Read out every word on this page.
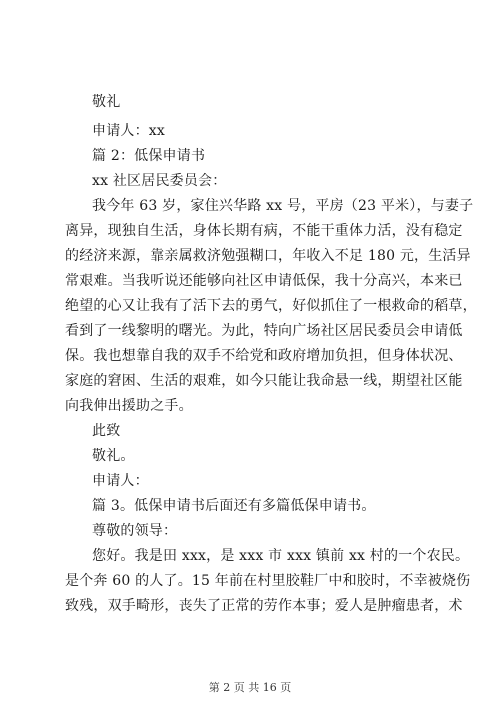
敬礼
申请人：xx
篇 2：低保申请书
xx 社区居民委员会：
我今年 63 岁，家住兴华路 xx 号，平房（23 平米），与妻子
离异，现独自生活，身体长期有病，不能干重体力活，没有稳定
的经济来源，靠亲属救济勉强糊口，年收入不足 180 元，生活异
常艰难。当我听说还能够向社区申请低保，我十分高兴，本来已
绝望的心又让我有了活下去的勇气，好似抓住了一根救命的稻草，
看到了一线黎明的曙光。为此，特向广场社区居民委员会申请低
保。我也想靠自我的双手不给党和政府增加负担，但身体状况、
家庭的窘困、生活的艰难，如今只能让我命悬一线，期望社区能
向我伸出援助之手。
此致
敬礼。
申请人：
篇 3。低保申请书后面还有多篇低保申请书。
尊敬的领导：
您好。我是田 xxx，是 xxx 市 xxx 镇前 xx 村的一个农民。
是个奔 60 的人了。15 年前在村里胶鞋厂中和胶时，不幸被烧伤
致残，双手畸形，丧失了正常的劳作本事；爱人是肿瘤患者，术
第 2 页 共 16 页
